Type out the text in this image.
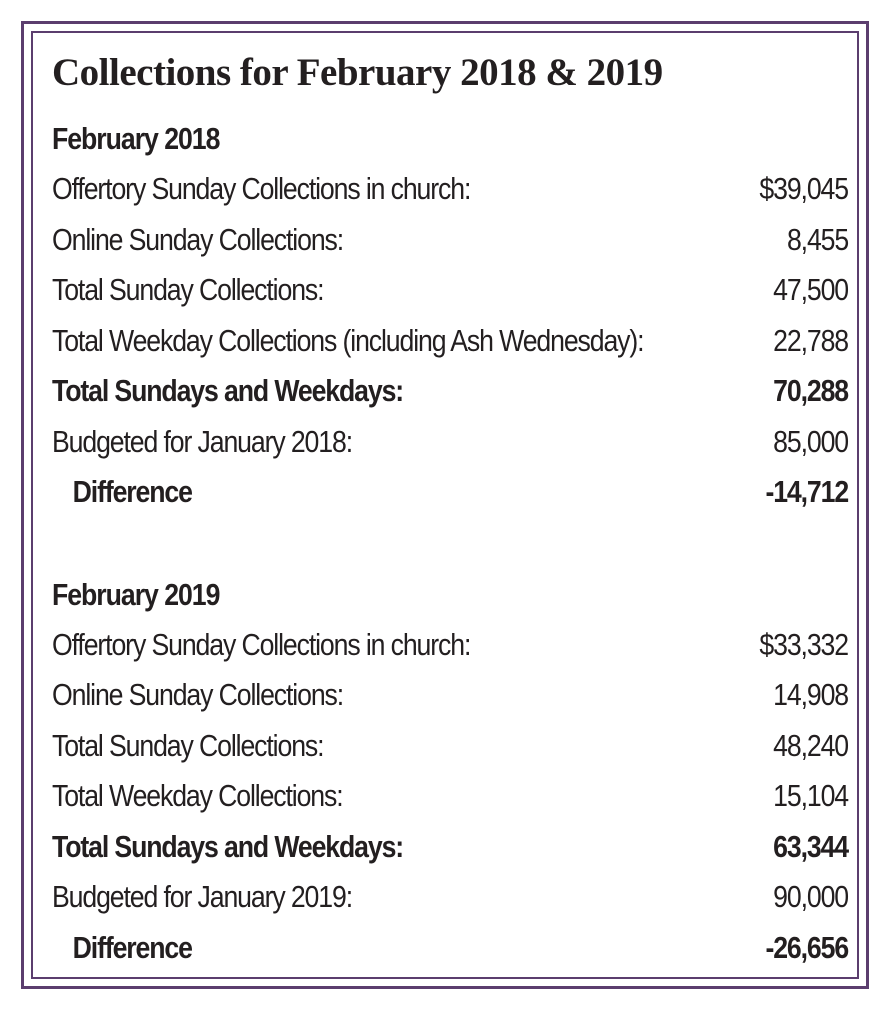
Collections for February 2018 & 2019
February 2018
Offertory Sunday Collections in church:	$39,045
Online Sunday Collections:	8,455
Total Sunday Collections:	47,500
Total Weekday Collections (including Ash Wednesday):	22,788
Total Sundays and Weekdays:	70,288
Budgeted for January 2018:	85,000
Difference	-14,712
February 2019
Offertory Sunday Collections in church:	$33,332
Online Sunday Collections:	14,908
Total Sunday Collections:	48,240
Total Weekday Collections:	15,104
Total Sundays and Weekdays:	63,344
Budgeted for January 2019:	90,000
Difference	-26,656
